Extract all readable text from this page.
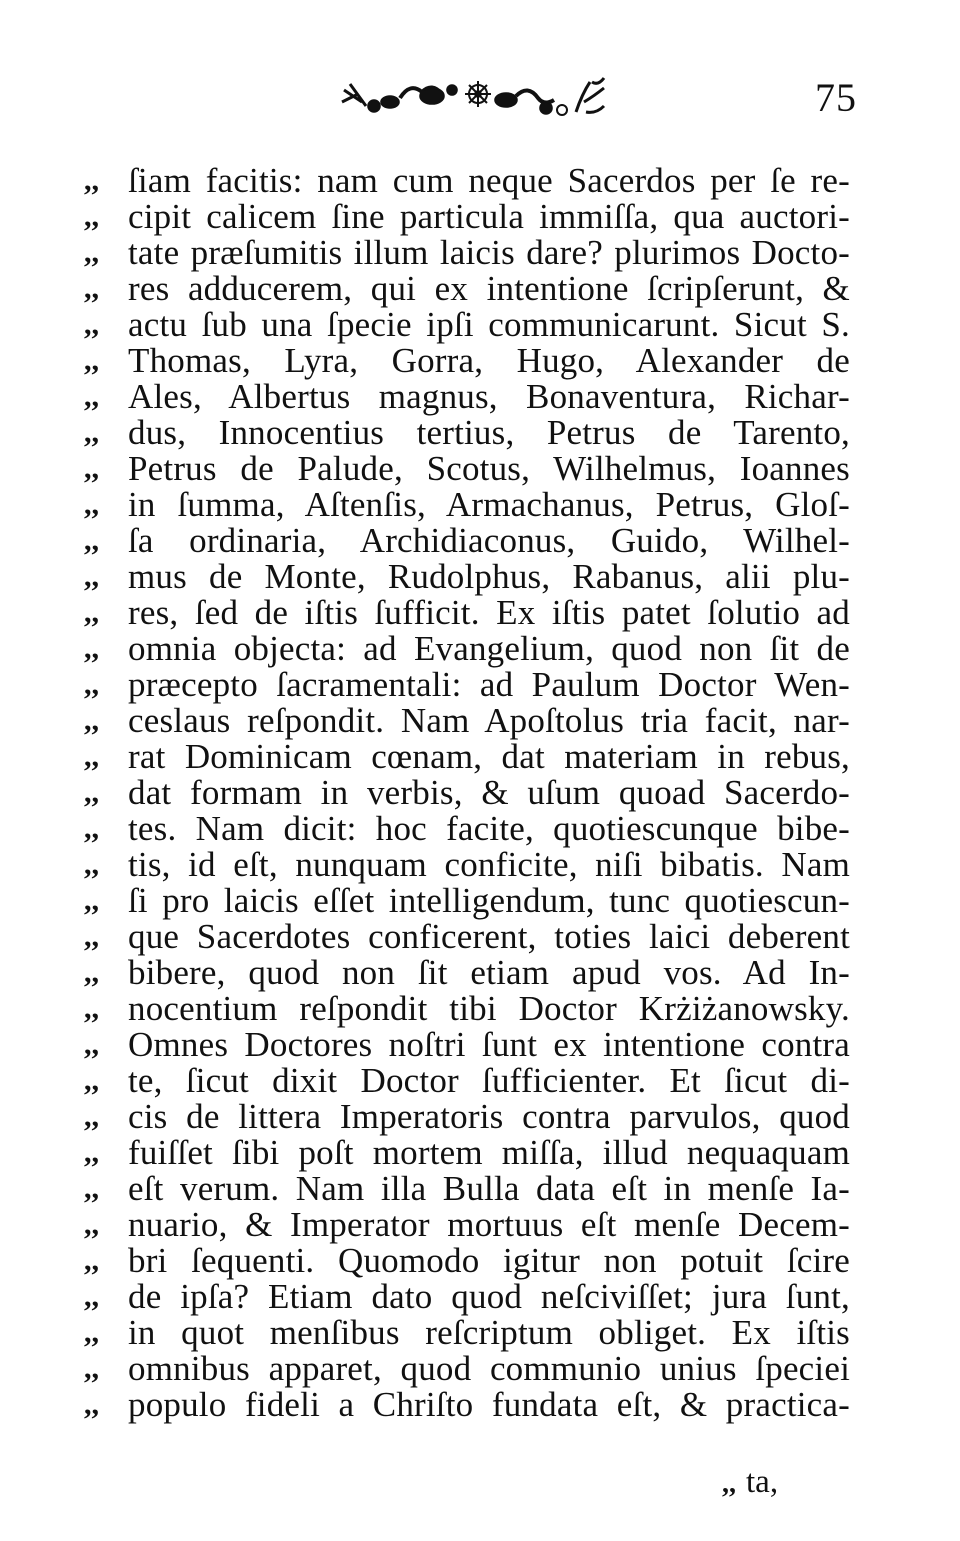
75
,, ſiam facitis: nam cum neque Sacerdos per ſe re-
,, cipit calicem ſine particula immiſſa, qua auctori-
,, tate præſumitis illum laicis dare? plurimos Docto-
,, res adducerem, qui ex intentione ſcripſerunt, &
,, actu ſub una ſpecie ipſi communicarunt. Sicut S.
,, Thomas, Lyra, Gorra, Hugo, Alexander de
,, Ales, Albertus magnus, Bonaventura, Richar-
,, dus, Innocentius tertius, Petrus de Tarento,
,, Petrus de Palude, Scotus, Wilhelmus, Ioannes
,, in ſumma, Aſtenſis, Armachanus, Petrus, Gloſ-
,, ſa ordinaria, Archidiaconus, Guido, Wilhel-
,, mus de Monte, Rudolphus, Rabanus, alii plu-
,, res, ſed de iſtis ſufficit. Ex iſtis patet ſolutio ad
,, omnia objecta: ad Evangelium, quod non ſit de
,, præcepto ſacramentali: ad Paulum Doctor Wen-
,, ceslaus reſpondit. Nam Apoſtolus tria facit, nar-
,, rat Dominicam cœnam, dat materiam in rebus,
,, dat formam in verbis, & uſum quoad Sacerdo-
,, tes. Nam dicit: hoc facite, quotiescunque bibe-
,, tis, id eſt, nunquam conficite, niſi bibatis. Nam
,, ſi pro laicis eſſet intelligendum, tunc quotiescun-
,, que Sacerdotes conficerent, toties laici deberent
,, bibere, quod non ſit etiam apud vos. Ad In-
,, nocentium reſpondit tibi Doctor Krżiżanowsky.
,, Omnes Doctores noſtri ſunt ex intentione contra
,, te, ſicut dixit Doctor ſufficienter. Et ſicut di-
,, cis de littera Imperatoris contra parvulos, quod
,, fuiſſet ſibi poſt mortem miſſa, illud nequaquam
,, eſt verum. Nam illa Bulla data eſt in menſe Ia-
,, nuario, & Imperator mortuus eſt menſe Decem-
,, bri ſequenti. Quomodo igitur non potuit ſcire
,, de ipſa? Etiam dato quod neſciviſſet; jura ſunt,
,, in quot menſibus reſcriptum obliget. Ex iſtis
,, omnibus apparet, quod communio unius ſpeciei
,, populo fideli a Chriſto fundata eſt, & practica-
,, ta,
